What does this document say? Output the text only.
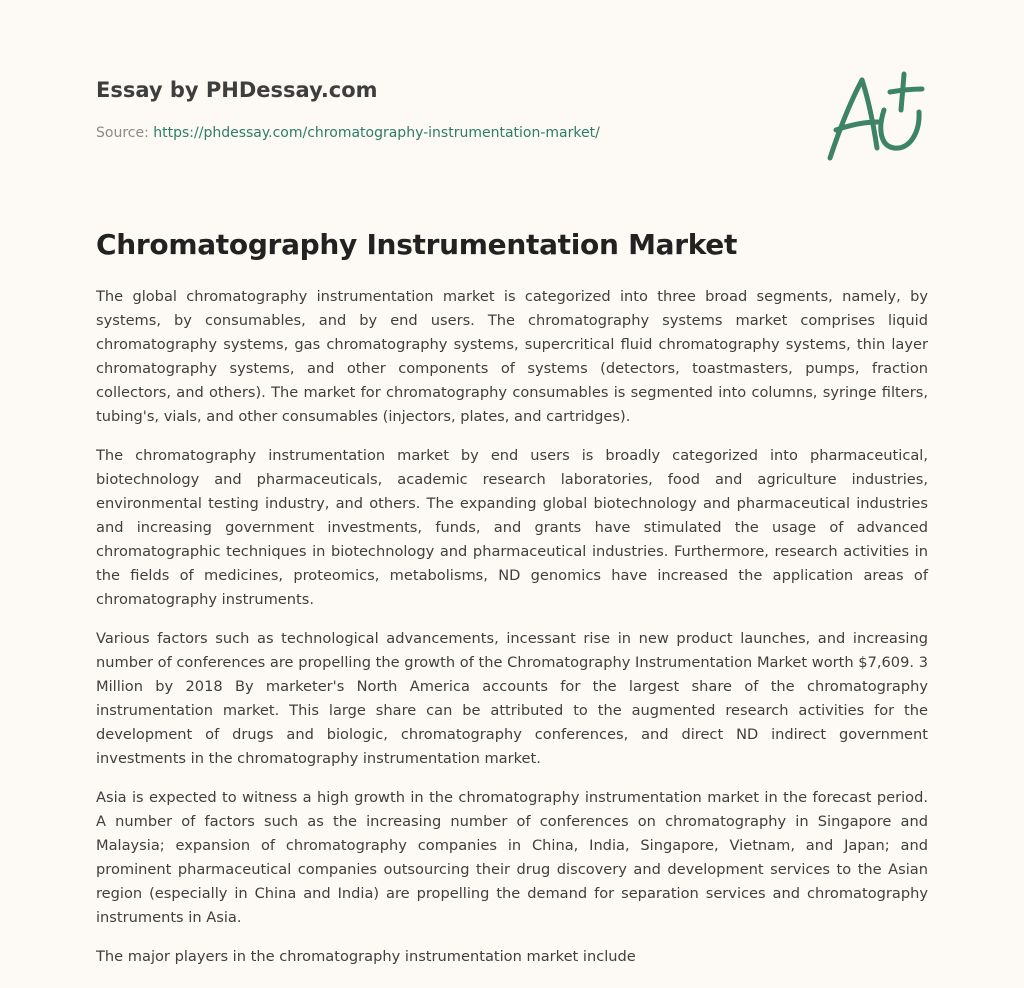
Essay by PHDessay.com
Source: https://phdessay.com/chromatography-instrumentation-market/
Chromatography Instrumentation Market

The global chromatography instrumentation market is categorized into three broad segments, namely, by systems, by consumables, and by end users. The chromatography systems market comprises liquid chromatography systems, gas chromatography systems, supercritical fluid chromatography systems, thin layer chromatography systems, and other components of systems (detectors, toastmasters, pumps, fraction collectors, and others). The market for chromatography consumables is segmented into columns, syringe filters, tubing's, vials, and other consumables (injectors, plates, and cartridges).

The chromatography instrumentation market by end users is broadly categorized into pharmaceutical, biotechnology and pharmaceuticals, academic research laboratories, food and agriculture industries, environmental testing industry, and others. The expanding global biotechnology and pharmaceutical industries and increasing government investments, funds, and grants have stimulated the usage of advanced chromatographic techniques in biotechnology and pharmaceutical industries. Furthermore, research activities in the fields of medicines, proteomics, metabolisms, ND genomics have increased the application areas of chromatography instruments.

Various factors such as technological advancements, incessant rise in new product launches, and increasing number of conferences are propelling the growth of the Chromatography Instrumentation Market worth $7,609. 3 Million by 2018 By marketer's North America accounts for the largest share of the chromatography instrumentation market. This large share can be attributed to the augmented research activities for the development of drugs and biologic, chromatography conferences, and direct ND indirect government investments in the chromatography instrumentation market.

Asia is expected to witness a high growth in the chromatography instrumentation market in the forecast period. A number of factors such as the increasing number of conferences on chromatography in Singapore and Malaysia; expansion of chromatography companies in China, India, Singapore, Vietnam, and Japan; and prominent pharmaceutical companies outsourcing their drug discovery and development services to the Asian region (especially in China and India) are propelling the demand for separation services and chromatography instruments in Asia.

The major players in the chromatography instrumentation market include
